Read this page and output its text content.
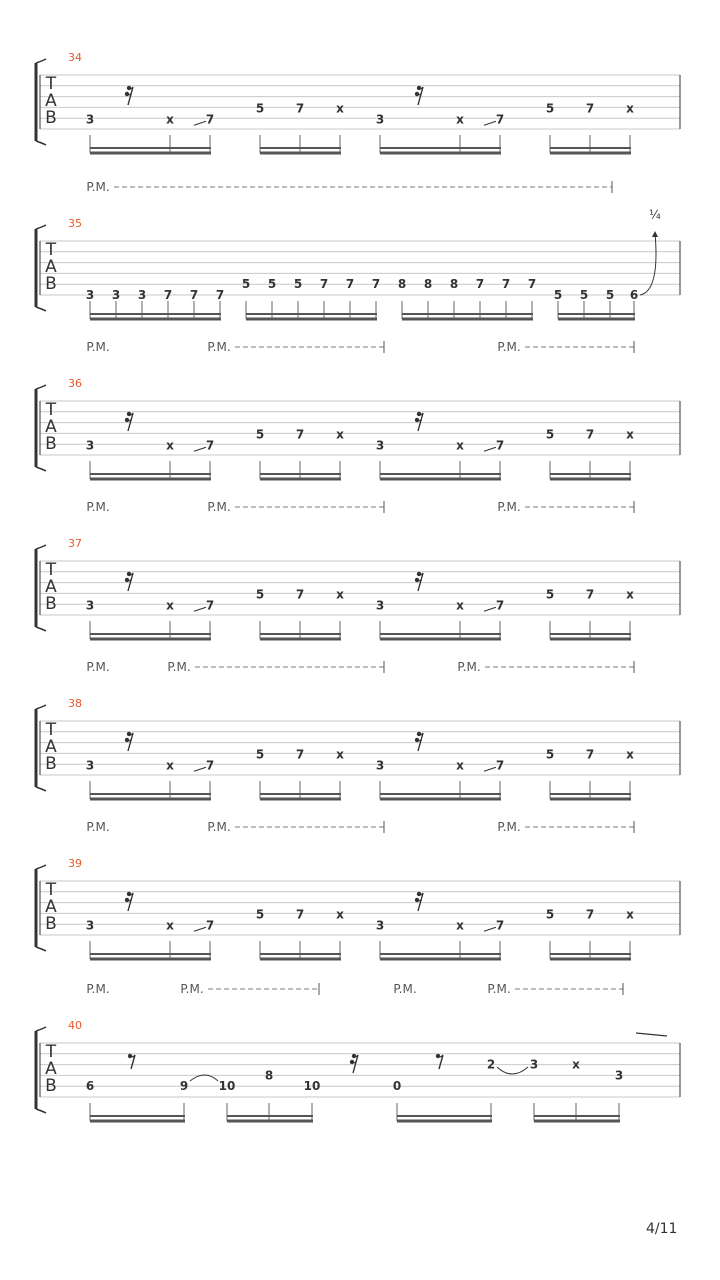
T
A
B
34
3	x	7
5	7	x
3	x	7
5	7	x
T
A
B
35
P.M.
3 3 3 7 7 7
5 5 5 7 7 7 8 8 8 7 7 7
5 5 5 6
¼
T
A
B
36
P.M.	P.M.	P.M.
3	x	7
5	7	x
3	x	7
5	7	x
T
A
B
37
P.M.	P.M.	P.M.
3	x	7
5	7	x
3	x	7
5	7	x
T
A
B
38
P.M.	P.M.	P.M.
3	x	7
5	7	x
3	x	7
5	7	x
T
A
B
39
P.M.	P.M.	P.M.
3	x	7
5	7	x
3	x	7
5	7	x
T
A
B
40
P.M.	P.M.	P.M.	P.M.
6	9	10
8
10	0
2	3	x
3
4/11
